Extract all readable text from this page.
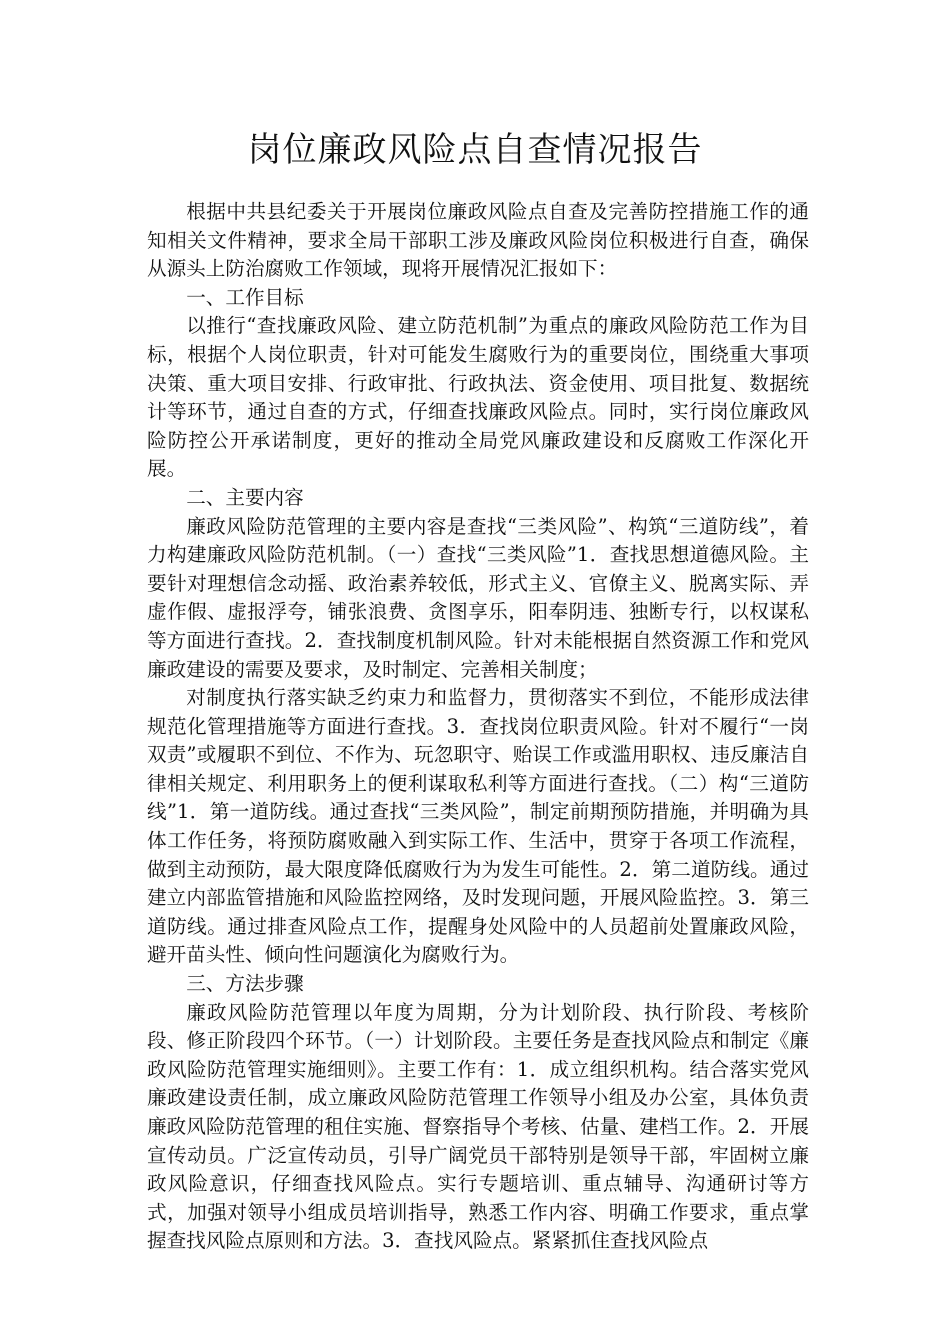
岗位廉政风险点自查情况报告

根据中共县纪委关于开展岗位廉政风险点自查及完善防控措施工作的通知相关文件精神，要求全局干部职工涉及廉政风险岗位积极进行自查，确保从源头上防治腐败工作领域，现将开展情况汇报如下：

一、工作目标

以推行“查找廉政风险、建立防范机制”为重点的廉政风险防范工作为目标，根据个人岗位职责，针对可能发生腐败行为的重要岗位，围绕重大事项决策、重大项目安排、行政审批、行政执法、资金使用、项目批复、数据统计等环节，通过自查的方式，仔细查找廉政风险点。同时，实行岗位廉政风险防控公开承诺制度，更好的推动全局党风廉政建设和反腐败工作深化开展。

二、主要内容

廉政风险防范管理的主要内容是查找“三类风险”、构筑“三道防线”，着力构建廉政风险防范机制。（一）查找“三类风险”1．查找思想道德风险。主要针对理想信念动摇、政治素养较低，形式主义、官僚主义、脱离实际、弄虚作假、虚报浮夸，铺张浪费、贪图享乐，阳奉阴违、独断专行，以权谋私等方面进行查找。2．查找制度机制风险。针对未能根据自然资源工作和党风廉政建设的需要及要求，及时制定、完善相关制度；

对制度执行落实缺乏约束力和监督力，贯彻落实不到位，不能形成法律规范化管理措施等方面进行查找。3．查找岗位职责风险。针对不履行“一岗双责”或履职不到位、不作为、玩忽职守、贻误工作或滥用职权、违反廉洁自律相关规定、利用职务上的便利谋取私利等方面进行查找。（二）构“三道防线”1．第一道防线。通过查找“三类风险”，制定前期预防措施，并明确为具体工作任务，将预防腐败融入到实际工作、生活中，贯穿于各项工作流程，做到主动预防，最大限度降低腐败行为为发生可能性。2．第二道防线。通过建立内部监管措施和风险监控网络，及时发现问题，开展风险监控。3．第三道防线。通过排查风险点工作，提醒身处风险中的人员超前处置廉政风险，避开苗头性、倾向性问题演化为腐败行为。

三、方法步骤

廉政风险防范管理以年度为周期，分为计划阶段、执行阶段、考核阶段、修正阶段四个环节。（一）计划阶段。主要任务是查找风险点和制定《廉政风险防范管理实施细则》。主要工作有：1．成立组织机构。结合落实党风廉政建设责任制，成立廉政风险防范管理工作领导小组及办公室，具体负责廉政风险防范管理的租住实施、督察指导个考核、估量、建档工作。2．开展宣传动员。广泛宣传动员，引导广阔党员干部特别是领导干部，牢固树立廉政风险意识，仔细查找风险点。实行专题培训、重点辅导、沟通研讨等方式，加强对领导小组成员培训指导，熟悉工作内容、明确工作要求，重点掌握查找风险点原则和方法。3．查找风险点。紧紧抓住查找风险点
